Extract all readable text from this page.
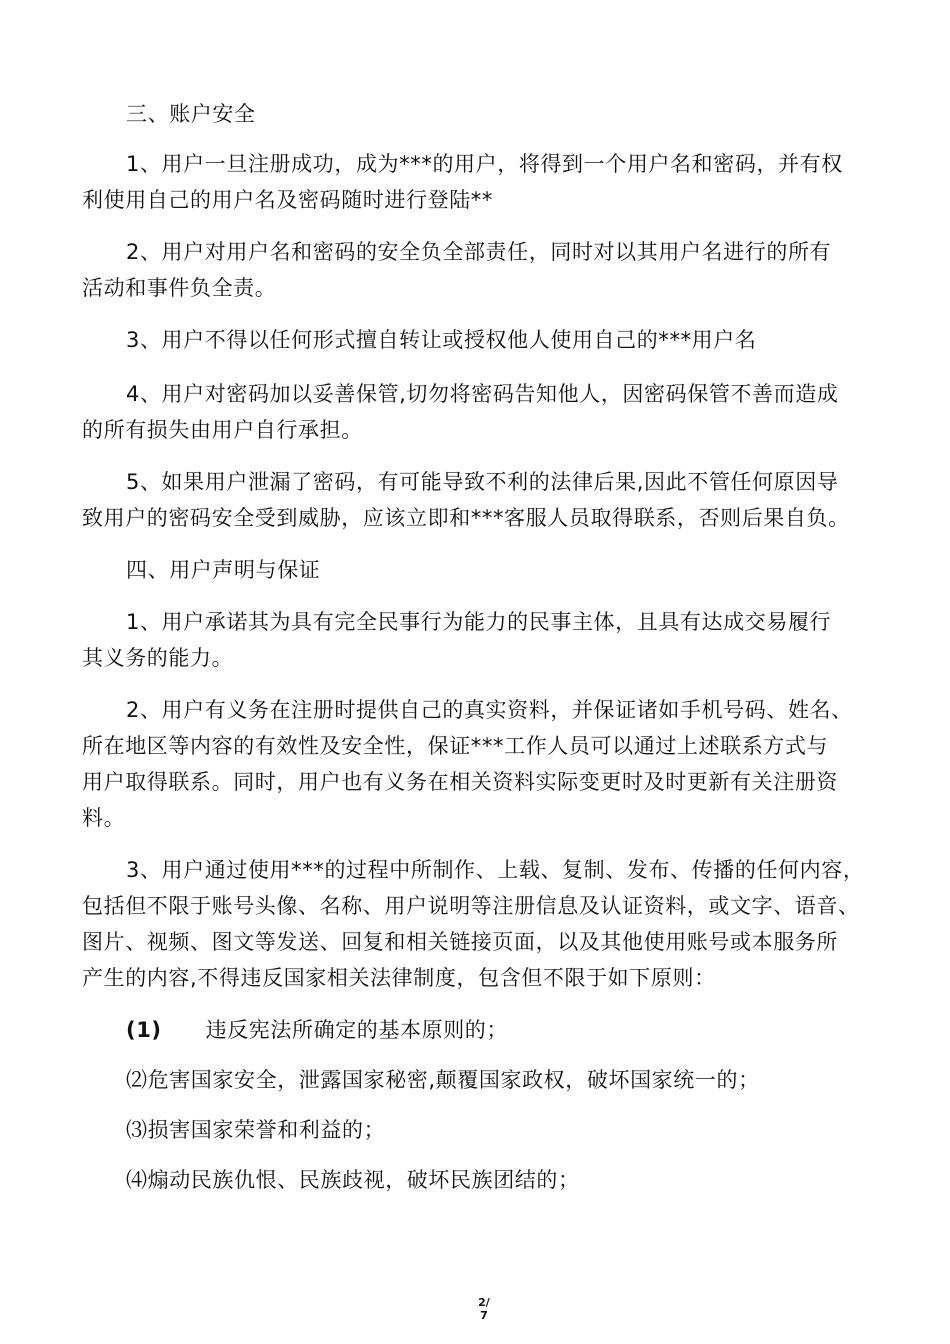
三、账户安全
1、用户一旦注册成功，成为***的用户，将得到一个用户名和密码，并有权
利使用自己的用户名及密码随时进行登陆**
2、用户对用户名和密码的安全负全部责任，同时对以其用户名进行的所有
活动和事件负全责。
3、用户不得以任何形式擅自转让或授权他人使用自己的***用户名
4、用户对密码加以妥善保管,切勿将密码告知他人，因密码保管不善而造成
的所有损失由用户自行承担。
5、如果用户泄漏了密码，有可能导致不利的法律后果,因此不管任何原因导
致用户的密码安全受到威胁，应该立即和***客服人员取得联系，否则后果自负。
四、用户声明与保证
1、用户承诺其为具有完全民事行为能力的民事主体，且具有达成交易履行
其义务的能力。
2、用户有义务在注册时提供自己的真实资料，并保证诸如手机号码、姓名、
所在地区等内容的有效性及安全性，保证***工作人员可以通过上述联系方式与
用户取得联系。同时，用户也有义务在相关资料实际变更时及时更新有关注册资
料。
3、用户通过使用***的过程中所制作、上载、复制、发布、传播的任何内容，
包括但不限于账号头像、名称、用户说明等注册信息及认证资料，或文字、语音、
图片、视频、图文等发送、回复和相关链接页面，以及其他使用账号或本服务所
产生的内容,不得违反国家相关法律制度，包含但不限于如下原则：
(1) 违反宪法所确定的基本原则的；
⑵危害国家安全，泄露国家秘密,颠覆国家政权，破坏国家统一的；
⑶损害国家荣誉和利益的；
⑷煽动民族仇恨、民族歧视，破坏民族团结的；
2/
7
